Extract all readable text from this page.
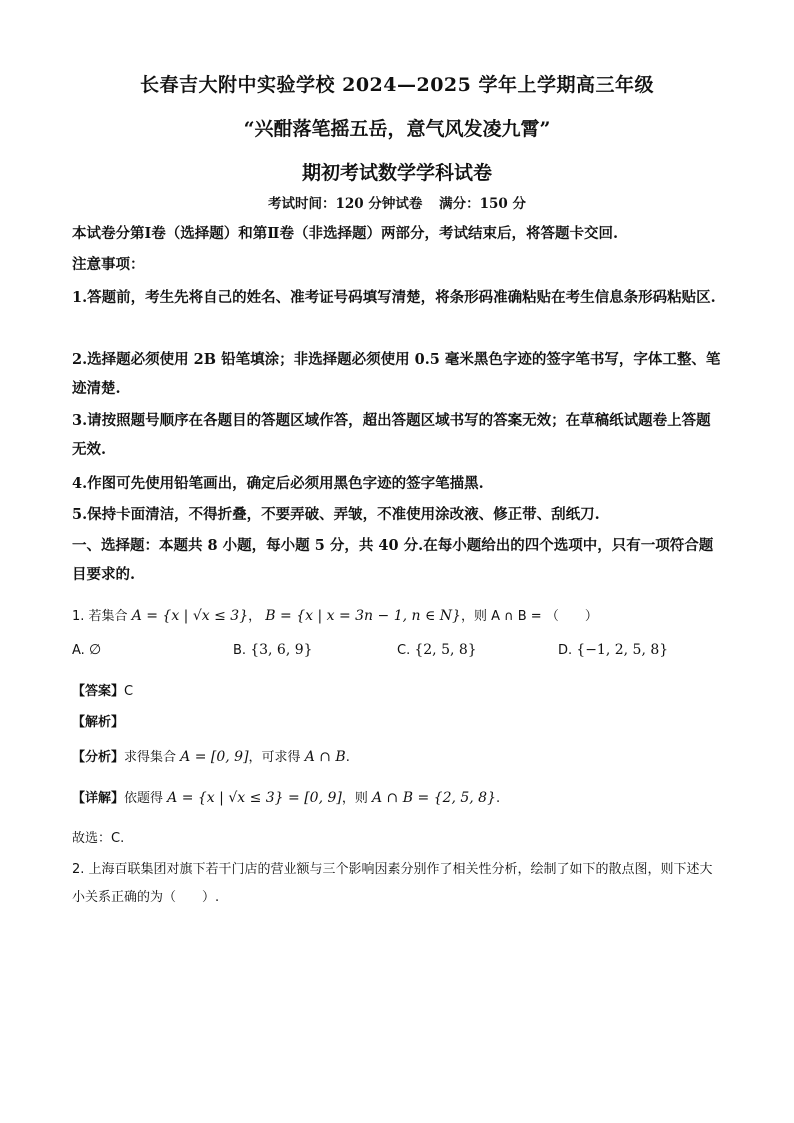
长春吉大附中实验学校 2024—2025 学年上学期高三年级
“兴酣落笔摇五岳，意气风发凌九霄”
期初考试数学学科试卷
考试时间：120 分钟试卷 满分：150 分
本试卷分第Ⅰ卷（选择题）和第Ⅱ卷（非选择题）两部分，考试结束后，将答题卡交回.
注意事项：
1.答题前，考生先将自己的姓名、准考证号码填写清楚，将条形码准确粘贴在考生信息条形码粘贴区.
2.选择题必须使用 2B 铅笔填涂；非选择题必须使用 0.5 毫米黑色字迹的签字笔书写，字体工整、笔迹清楚.
3.请按照题号顺序在各题目的答题区域作答，超出答题区域书写的答案无效；在草稿纸试题卷上答题无效.
4.作图可先使用铅笔画出，确定后必须用黑色字迹的签字笔描黑.
5.保持卡面清洁，不得折叠，不要弄破、弄皱，不准使用涂改液、修正带、刮纸刀.
一、选择题：本题共 8 小题，每小题 5 分，共 40 分.在每小题给出的四个选项中，只有一项符合题目要求的.
1. 若集合 A = {x | √x ≤ 3}， B = {x | x = 3n − 1, n ∈ N}，则 A ∩ B = （　　）
A. ∅	B. {3, 6, 9}	C. {2, 5, 8}	D. {−1, 2, 5, 8}
【答案】C
【解析】
【分析】求得集合 A = [0, 9]，可求得 A ∩ B.
【详解】依题得 A = {x | √x ≤ 3} = [0, 9]，则 A ∩ B = {2, 5, 8}.
故选：C.
2. 上海百联集团对旗下若干门店的营业额与三个影响因素分别作了相关性分析，绘制了如下的散点图，则下述大小关系正确的为（　　）.
